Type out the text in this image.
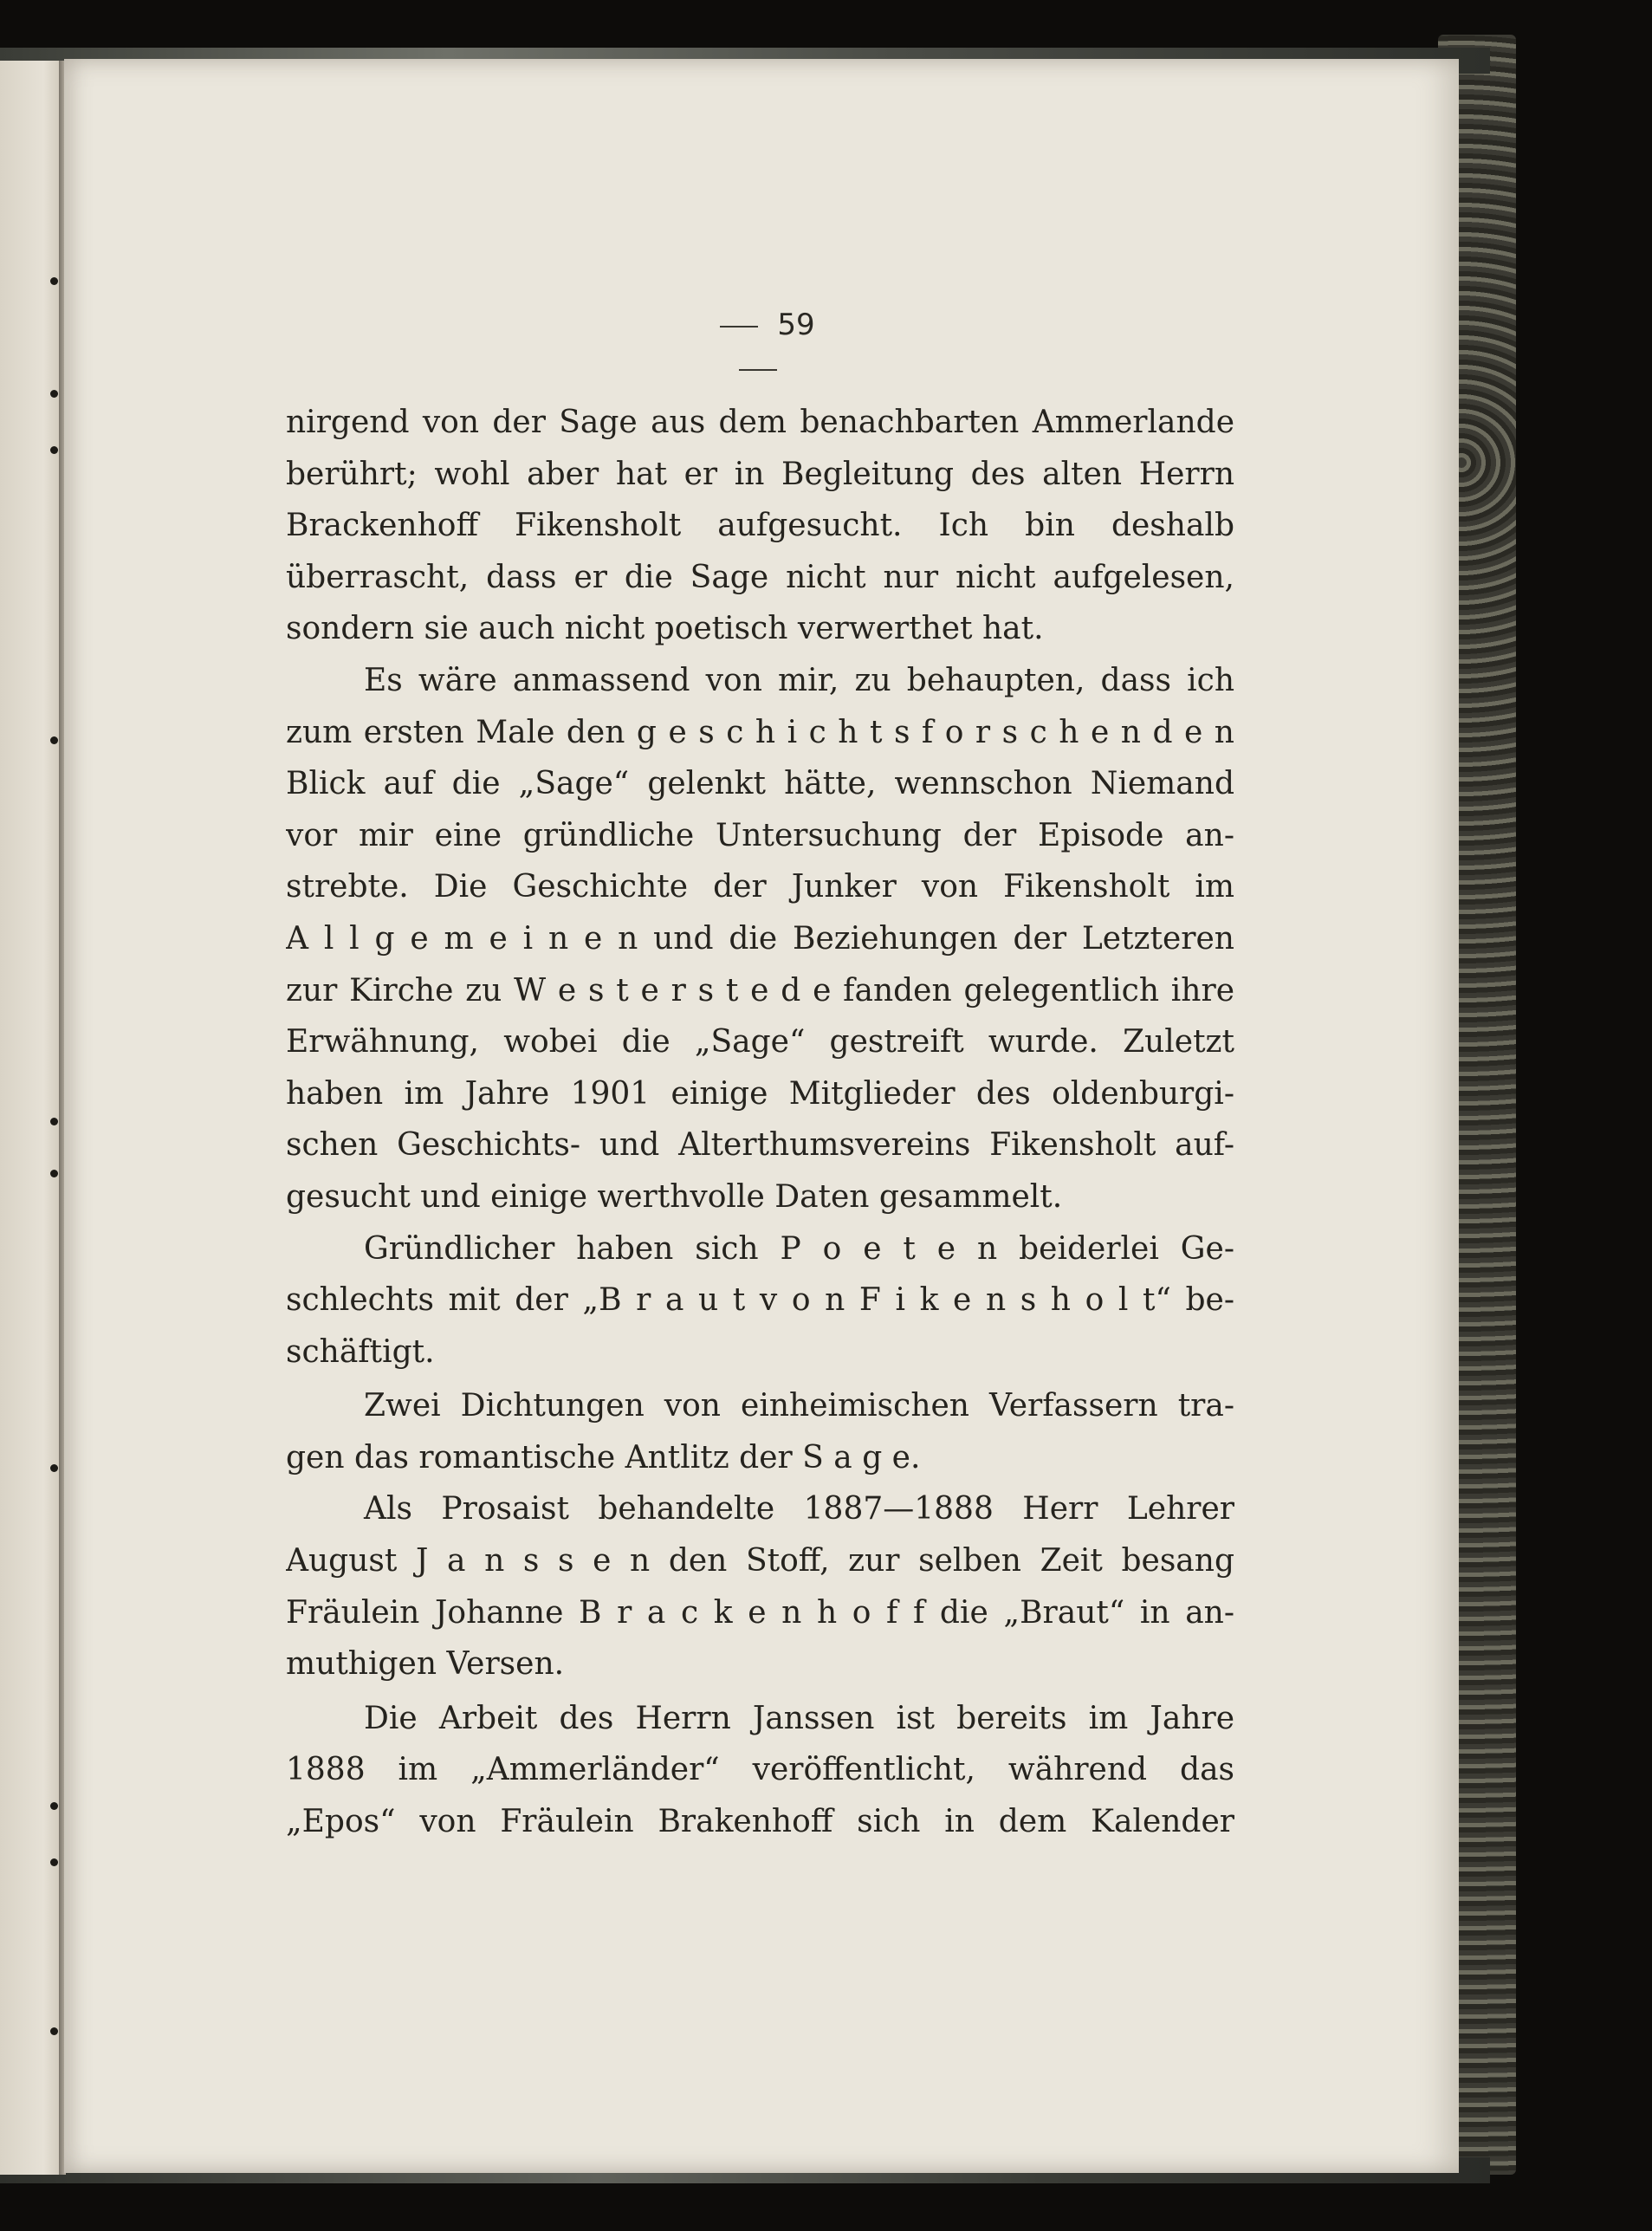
59
nirgend von der Sage aus dem benachbarten Ammerlande
berührt; wohl aber hat er in Begleitung des alten Herrn
Brackenhoff Fikensholt aufgesucht. Ich bin deshalb
überrascht, dass er die Sage nicht nur nicht aufgelesen,
sondern sie auch nicht poetisch verwerthet hat.
Es wäre anmassend von mir, zu behaupten, dass ich
zum ersten Male den g e s c h i c h t s f o r s c h e n d e n
Blick auf die „Sage“ gelenkt hätte, wennschon Niemand
vor mir eine gründliche Untersuchung der Episode an-
strebte. Die Geschichte der Junker von Fikensholt im
A l l g e m e i n e n und die Beziehungen der Letzteren
zur Kirche zu W e s t e r s t e d e fanden gelegentlich ihre
Erwähnung, wobei die „Sage“ gestreift wurde. Zuletzt
haben im Jahre 1901 einige Mitglieder des oldenburgi-
schen Geschichts- und Alterthumsvereins Fikensholt auf-
gesucht und einige werthvolle Daten gesammelt.
Gründlicher haben sich P o e t e n beiderlei Ge-
schlechts mit der „B r a u t v o n F i k e n s h o l t“ be-
schäftigt.
Zwei Dichtungen von einheimischen Verfassern tra-
gen das romantische Antlitz der S a g e.
Als Prosaist behandelte 1887—1888 Herr Lehrer
August J a n s s e n den Stoff, zur selben Zeit besang
Fräulein Johanne B r a c k e n h o f f die „Braut“ in an-
muthigen Versen.
Die Arbeit des Herrn Janssen ist bereits im Jahre
1888 im „Ammerländer“ veröffentlicht, während das
„Epos“ von Fräulein Brakenhoff sich in dem Kalender
